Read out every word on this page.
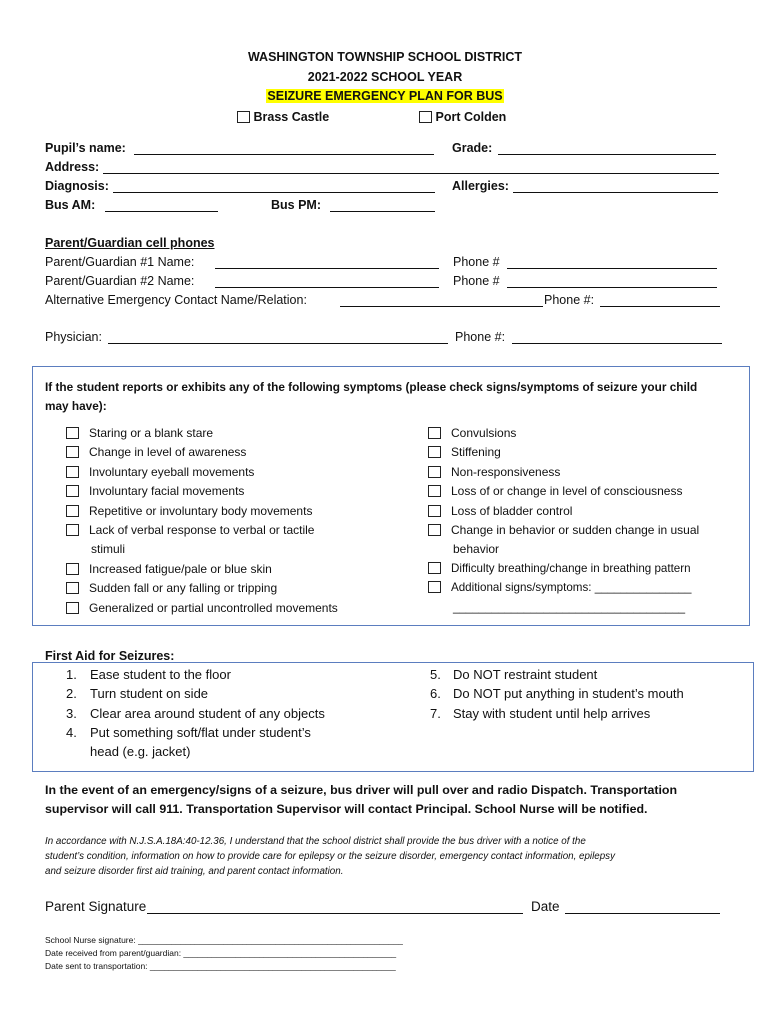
WASHINGTON TOWNSHIP SCHOOL DISTRICT
2021-2022 SCHOOL YEAR
SEIZURE EMERGENCY PLAN FOR BUS
Brass Castle	Port Colden
Pupil’s name:	Grade:
Address:
Diagnosis:	Allergies:
Bus AM:	Bus PM:
Parent/Guardian cell phones
Parent/Guardian #1 Name:	Phone #
Parent/Guardian #2 Name:	Phone #
Alternative Emergency Contact Name/Relation:	Phone #:
Physician:	Phone #:
If the student reports or exhibits any of the following symptoms (please check signs/symptoms of seizure your child
may have):
Staring or a blank stare
Change in level of awareness
Involuntary eyeball movements
Involuntary facial movements
Repetitive or involuntary body movements
Lack of verbal response to verbal or tactile
stimuli
Increased fatigue/pale or blue skin
Sudden fall or any falling or tripping
Generalized or partial uncontrolled movements
Convulsions
Stiffening
Non-responsiveness
Loss of or change in level of consciousness
Loss of bladder control
Change in behavior or sudden change in usual
behavior
Difficulty breathing/change in breathing pattern
Additional signs/symptoms: _______________
____________________________________
First Aid for Seizures:
1. Ease student to the floor
2. Turn student on side
3. Clear area around student of any objects
4. Put something soft/flat under student’s
head (e.g. jacket)
5. Do NOT restraint student
6. Do NOT put anything in student’s mouth
7. Stay with student until help arrives
In the event of an emergency/signs of a seizure, bus driver will pull over and radio Dispatch. Transportation
supervisor will call 911. Transportation Supervisor will contact Principal. School Nurse will be notified.
In accordance with N.J.S.A.18A:40-12.36, I understand that the school district shall provide the bus driver with a notice of the
student’s condition, information on how to provide care for epilepsy or the seizure disorder, emergency contact information, epilepsy
and seizure disorder first aid training, and parent contact information.
Parent Signature	Date
School Nurse signature: ________________________________________________________
Date received from parent/guardian: _____________________________________________
Date sent to transportation: ____________________________________________________
